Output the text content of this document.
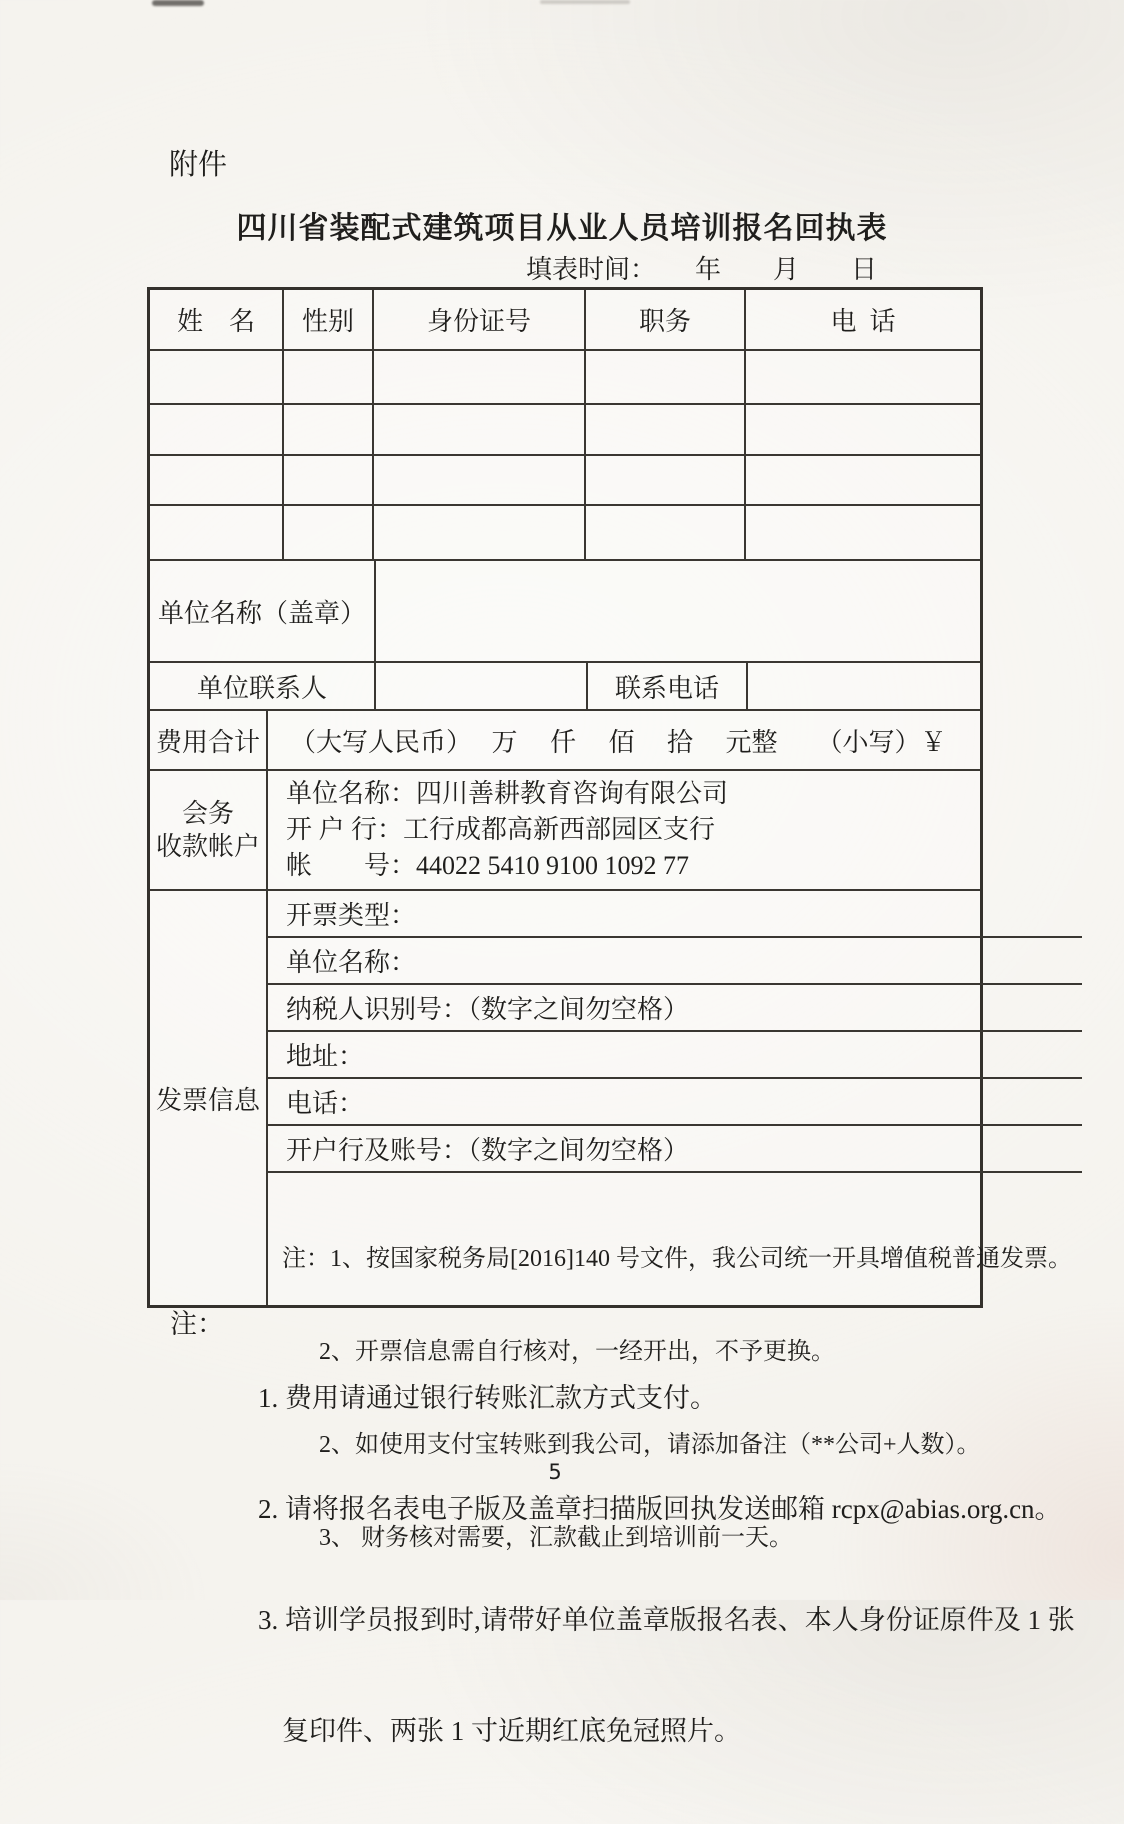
附件
四川省装配式建筑项目从业人员培训报名回执表
填表时间：　　年　　月　　日
姓　名	性别	身份证号	职务	电  话
单位名称（盖章）
单位联系人	联系电话
费用合计	（大写人民币）　 万　 仟　 佰　 拾　 元整　　（小写）￥
会务
收款帐户
单位名称：四川善耕教育咨询有限公司
开 户 行：工行成都高新西部园区支行
帐　　号：44022 5410 9100 1092 77
发票信息
开票类型：
单位名称：
纳税人识别号：（数字之间勿空格）
地址：
电话：
开户行及账号：（数字之间勿空格）

注：1、按国家税务局[2016]140 号文件，我公司统一开具增值税普通发票。

2、开票信息需自行核对，一经开出，不予更换。

2、如使用支付宝转账到我公司，请添加备注（**公司+人数）。

3、 财务核对需要，汇款截止到培训前一天。

注：

1. 费用请通过银行转账汇款方式支付。

2. 请将报名表电子版及盖章扫描版回执发送邮箱 rcpx@abias.org.cn。

3. 培训学员报到时,请带好单位盖章版报名表、本人身份证原件及 1 张

复印件、两张 1 寸近期红底免冠照片。

5
